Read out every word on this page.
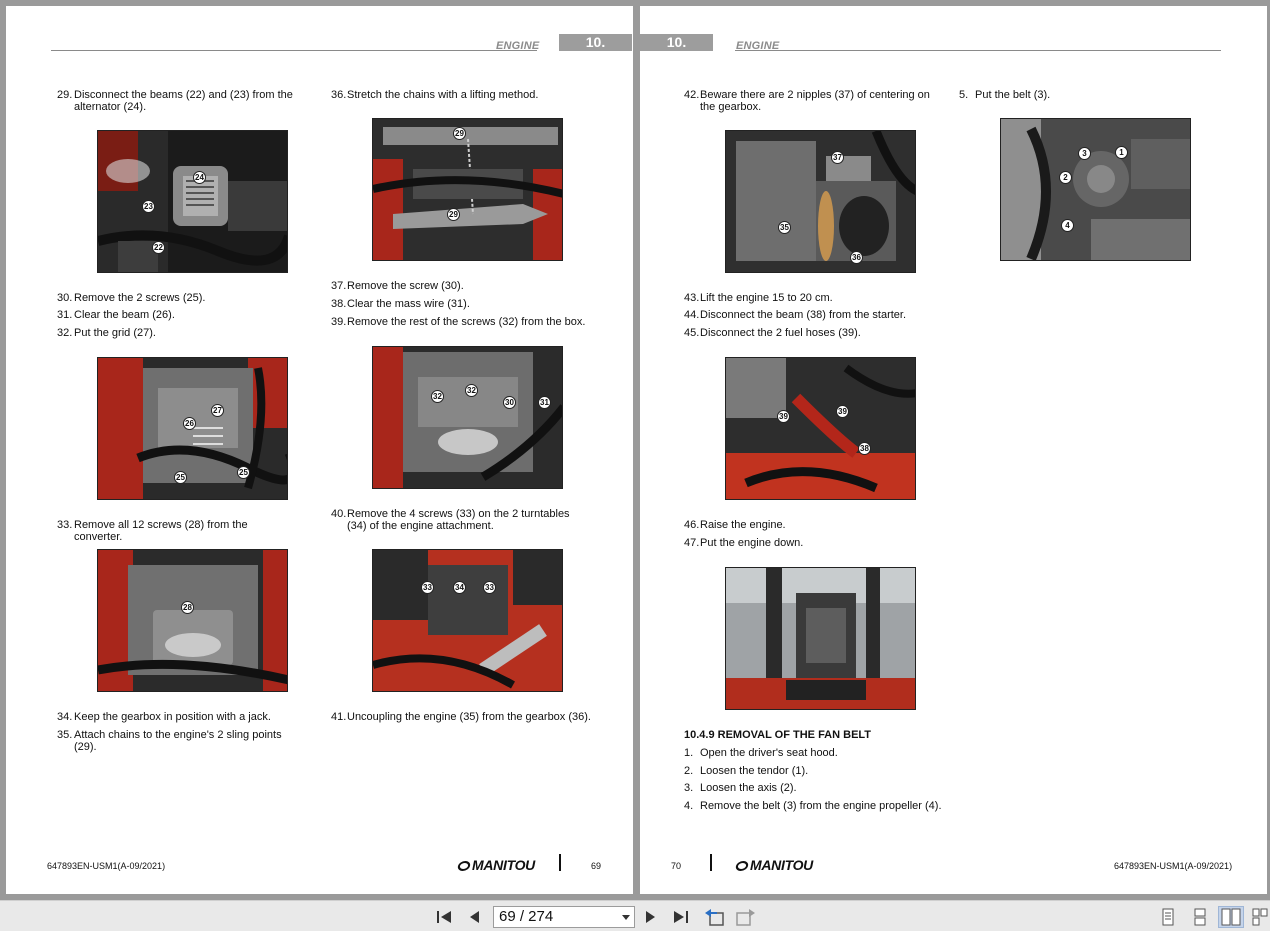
ENGINE	10.
29. Disconnect the beams (22) and (23) from the alternator (24).
24
23
22
30. Remove the 2 screws (25).
31. Clear the beam (26).
32. Put the grid (27).
27
26
25
25
33. Remove all 12 screws (28) from the converter.
28
34. Keep the gearbox in position with a jack.
35. Attach chains to the engine's 2 sling points (29).
36. Stretch the chains with a lifting method.
29
29
37. Remove the screw (30).
38. Clear the mass wire (31).
39. Remove the rest of the screws (32) from the box.
32
32
30	31
40. Remove the 4 screws (33) on the 2 turntables (34) of the engine attachment.
33	34	33
41. Uncoupling the engine (35) from the gearbox (36).
647893EN-USM1(A-09/2021)	MANITOU	69
10.	ENGINE
42. Beware there are 2 nipples (37) of centering on the gearbox.
37
35
36
43. Lift the engine 15 to 20 cm.
44. Disconnect the beam (38) from the starter.
45. Disconnect the 2 fuel hoses (39).
39
39
38
46. Raise the engine.
47. Put the engine down.
10.4.9 REMOVAL OF THE FAN BELT
1. Open the driver's seat hood.
2. Loosen the tendor (1).
3. Loosen the axis (2).
4. Remove the belt (3) from the engine propeller (4).
5. Put the belt (3).
1
3
2
4
70	MANITOU	647893EN-USM1(A-09/2021)
69 / 274
